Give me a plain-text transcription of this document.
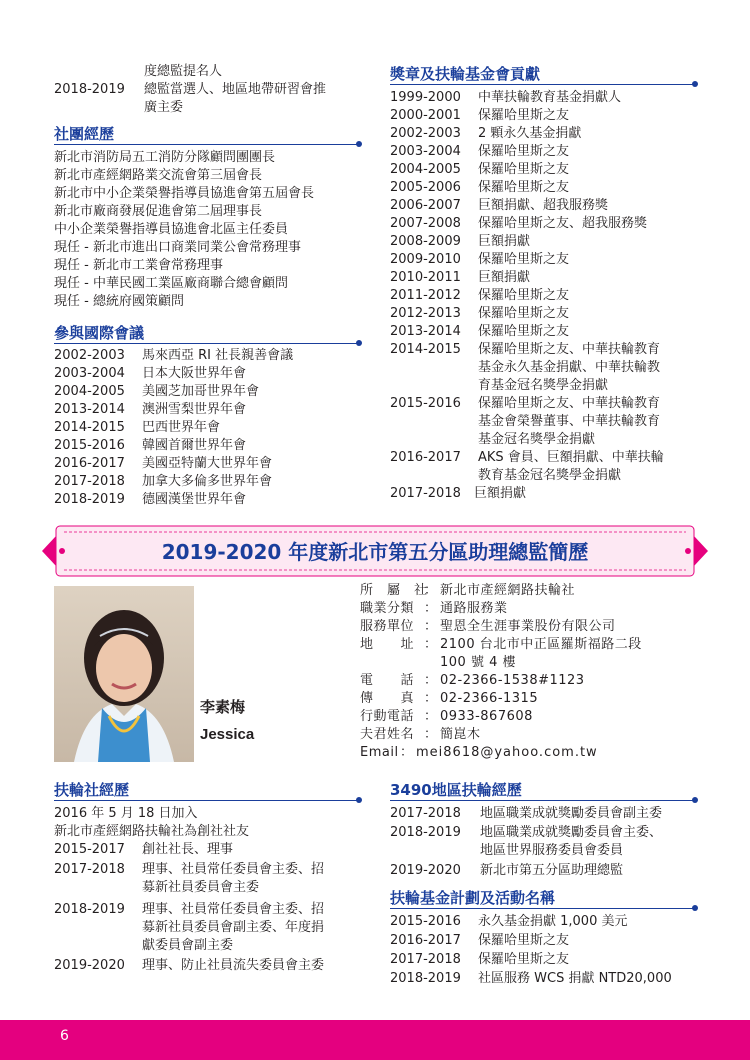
度總監提名人
2018-2019 總監當選人、地區地帶研習會推
廣主委
社團經歷
新北市消防局五工消防分隊顧問團團長
新北市產經網路業交流會第三屆會長
新北市中小企業榮譽指導員協進會第五屆會長
新北市廠商發展促進會第二屆理事長
中小企業榮譽指導員協進會北區主任委員
現任 - 新北市進出口商業同業公會常務理事
現任 - 新北市工業會常務理事
現任 - 中華民國工業區廠商聯合總會顧問
現任 - 總統府國策顧問
參與國際會議
2002-2003 馬來西亞 RI 社長親善會議
2003-2004 日本大阪世界年會
2004-2005 美國芝加哥世界年會
2013-2014 澳洲雪梨世界年會
2014-2015 巴西世界年會
2015-2016 韓國首爾世界年會
2016-2017 美國亞特蘭大世界年會
2017-2018 加拿大多倫多世界年會
2018-2019 德國漢堡世界年會
獎章及扶輪基金會貢獻
1999-2000 中華扶輪教育基金捐獻人
2000-2001 保羅哈里斯之友
2002-2003 2 顆永久基金捐獻
2003-2004 保羅哈里斯之友
2004-2005 保羅哈里斯之友
2005-2006 保羅哈里斯之友
2006-2007 巨額捐獻、超我服務獎
2007-2008 保羅哈里斯之友、超我服務獎
2008-2009 巨額捐獻
2009-2010 保羅哈里斯之友
2010-2011 巨額捐獻
2011-2012 保羅哈里斯之友
2012-2013 保羅哈里斯之友
2013-2014 保羅哈里斯之友
2014-2015 保羅哈里斯之友、中華扶輪教育
基金永久基金捐獻、中華扶輪教
育基金冠名獎學金捐獻
2015-2016 保羅哈里斯之友、中華扶輪教育
基金會榮譽董事、中華扶輪教育
基金冠名獎學金捐獻
2016-2017 AKS 會員、巨額捐獻、中華扶輪
教育基金冠名獎學金捐獻
2017-2018 巨額捐獻
2019-2020 年度新北市第五分區助理總監簡歷
李素梅
Jessica
所　屬　社
： 新北市產經網路扶輪社
職業分類 ： 通路服務業
服務單位 ： 聖恩全生涯事業股份有限公司
地　　址 ： 2100 台北市中正區羅斯福路二段
100 號 4 樓
電　　話 ： 02-2366-1538#1123
傳　　真 ： 02-2366-1315
行動電話 ： 0933-867608
夫君姓名 ： 簡崑木
Email ： mei8618@yahoo.com.tw
扶輪社經歷
2016 年 5 月 18 日加入
新北市產經網路扶輪社為創社社友
2015-2017 創社社長、理事
2017-2018 理事、社員常任委員會主委、招
募新社員委員會主委
2018-2019 理事、社員常任委員會主委、招
募新社員委員會副主委、年度捐
獻委員會副主委
2019-2020 理事、防止社員流失委員會主委
3490地區扶輪經歷
2017-2018 地區職業成就獎勵委員會副主委
2018-2019 地區職業成就獎勵委員會主委、
地區世界服務委員會委員
2019-2020 新北市第五分區助理總監
扶輪基金計劃及活動名稱
2015-2016 永久基金捐獻 1,000 美元
2016-2017 保羅哈里斯之友
2017-2018 保羅哈里斯之友
2018-2019 社區服務 WCS 捐獻 NTD20,000
6
